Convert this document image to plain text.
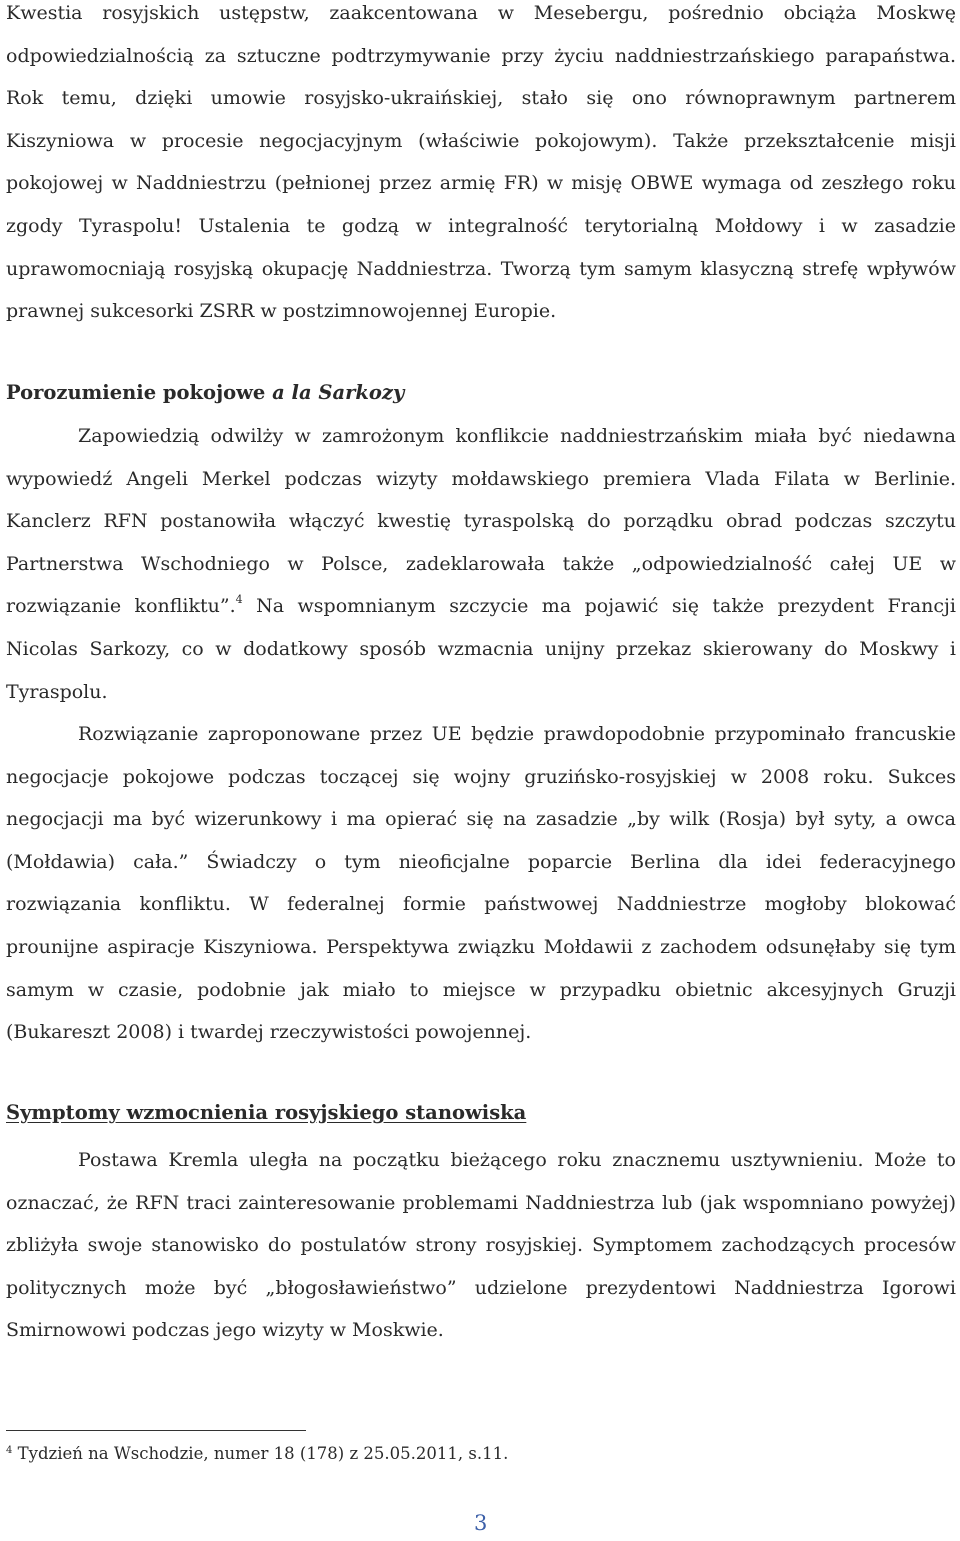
Kwestia rosyjskich ustępstw, zaakcentowana w Mesebergu, pośrednio obciąża Moskwę odpowiedzialnością za sztuczne podtrzymywanie przy życiu naddniestrzańskiego parapaństwa. Rok temu, dzięki umowie rosyjsko-ukraińskiej, stało się ono równoprawnym partnerem Kiszyniowa w procesie negocjacyjnym (właściwie pokojowym). Także przekształcenie misji pokojowej w Naddniestrzu (pełnionej przez armię FR) w misję OBWE wymaga od zeszłego roku zgody Tyraspolu! Ustalenia te godzą w integralność terytorialną Mołdowy i w zasadzie uprawomocniają rosyjską okupację Naddniestrza. Tworzą tym samym klasyczną strefę wpływów prawnej sukcesorki ZSRR w postzimnowojennej Europie.

Porozumienie pokojowe a la Sarkozy

Zapowiedzią odwilży w zamrożonym konflikcie naddniestrzańskim miała być niedawna wypowiedź Angeli Merkel podczas wizyty mołdawskiego premiera Vlada Filata w Berlinie. Kanclerz RFN postanowiła włączyć kwestię tyraspolską do porządku obrad podczas szczytu Partnerstwa Wschodniego w Polsce, zadeklarowała także „odpowiedzialność całej UE w rozwiązanie konfliktu”.$^4$ Na wspomnianym szczycie ma pojawić się także prezydent Francji Nicolas Sarkozy, co w dodatkowy sposób wzmacnia unijny przekaz skierowany do Moskwy i Tyraspolu.

Rozwiązanie zaproponowane przez UE będzie prawdopodobnie przypominało francuskie negocjacje pokojowe podczas toczącej się wojny gruzińsko-rosyjskiej w 2008 roku. Sukces negocjacji ma być wizerunkowy i ma opierać się na zasadzie „by wilk (Rosja) był syty, a owca (Mołdawia) cała.” Świadczy o tym nieoficjalne poparcie Berlina dla idei federacyjnego rozwiązania konfliktu. W federalnej formie państwowej Naddniestrze mogłoby blokować prounijne aspiracje Kiszyniowa. Perspektywa związku Mołdawii z zachodem odsunęłaby się tym samym w czasie, podobnie jak miało to miejsce w przypadku obietnic akcesyjnych Gruzji (Bukareszt 2008) i twardej rzeczywistości powojennej.

Symptomy wzmocnienia rosyjskiego stanowiska

Postawa Kremla uległa na początku bieżącego roku znacznemu usztywnieniu. Może to oznaczać, że RFN traci zainteresowanie problemami Naddniestrza lub (jak wspomniano powyżej) zbliżyła swoje stanowisko do postulatów strony rosyjskiej. Symptomem zachodzących procesów politycznych może być „błogosławieństwo” udzielone prezydentowi Naddniestrza Igorowi Smirnowowi podczas jego wizyty w Moskwie.

$^4$ Tydzień na Wschodzie, numer 18 (178) z 25.05.2011, s.11.
3
